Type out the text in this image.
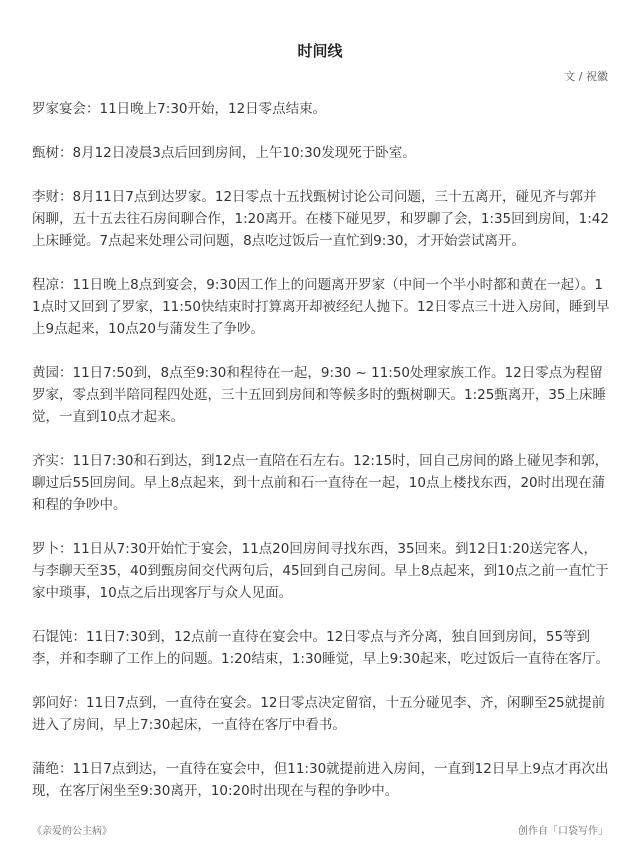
时间线
文 / 祝徽

罗家宴会：11日晚上7:30开始，12日零点结束。

甄树：8月12日凌晨3点后回到房间，上午10:30发现死于卧室。

李财：8月11日7点到达罗家。12日零点十五找甄树讨论公司问题，三十五离开，碰见齐与郭并闲聊，五十五去往石房间聊合作，1:20离开。在楼下碰见罗，和罗聊了会，1:35回到房间，1:42上床睡觉。7点起来处理公司问题，8点吃过饭后一直忙到9:30，才开始尝试离开。

程凉：11日晚上8点到宴会，9:30因工作上的问题离开罗家（中间一个半小时都和黄在一起）。11点时又回到了罗家，11:50快结束时打算离开却被经纪人抛下。12日零点三十进入房间，睡到早上9点起来，10点20与蒲发生了争吵。

黄园：11日7:50到，8点至9:30和程待在一起，9:30 ~ 11:50处理家族工作。12日零点为程留罗家，零点到半陪同程四处逛，三十五回到房间和等候多时的甄树聊天。1:25甄离开，35上床睡觉，一直到10点才起来。

齐实：11日7:30和石到达，到12点一直陪在石左右。12:15时，回自己房间的路上碰见李和郭，聊过后55回房间。早上8点起来，到十点前和石一直待在一起，10点上楼找东西，20时出现在蒲和程的争吵中。

罗卜：11日从7:30开始忙于宴会，11点20回房间寻找东西，35回来。到12日1:20送完客人，与李聊天至35，40到甄房间交代两句后，45回到自己房间。早上8点起来，到10点之前一直忙于家中琐事，10点之后出现客厅与众人见面。

石馄饨：11日7:30到，12点前一直待在宴会中。12日零点与齐分离，独自回到房间，55等到李，并和李聊了工作上的问题。1:20结束，1:30睡觉，早上9:30起来，吃过饭后一直待在客厅。

郭问好：11日7点到，一直待在宴会。12日零点决定留宿，十五分碰见李、齐，闲聊至25就提前进入了房间，早上7:30起床，一直待在客厅中看书。

蒲绝：11日7点到达，一直待在宴会中，但11:30就提前进入房间，一直到12日早上9点才再次出现，在客厅闲坐至9:30离开，10:20时出现在与程的争吵中。

《亲爱的公主病》	创作自「口袋写作」
